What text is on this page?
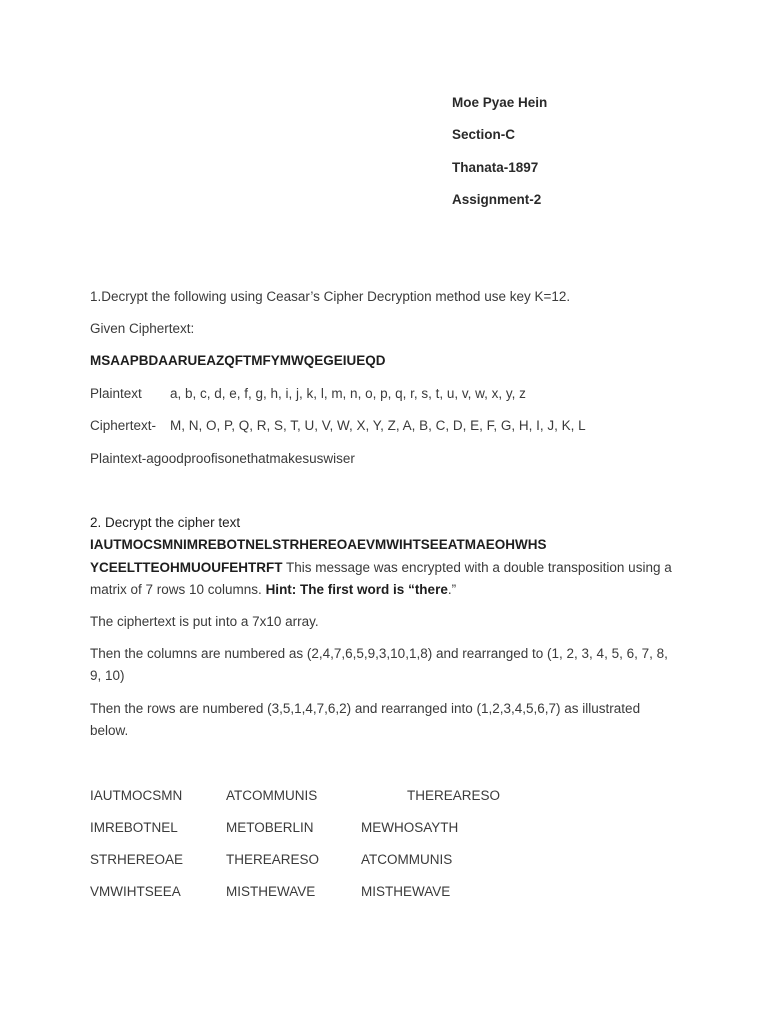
Moe Pyae Hein
Section-C
Thanata-1897
Assignment-2
1.Decrypt the following using Ceasar’s Cipher Decryption method use key K=12.
Given Ciphertext:
MSAAPBDAARUEAZQFTMFYMWQEGEIUEQD
Plaintext a, b, c, d, e, f, g, h, i, j, k, l, m, n, o, p, q, r, s, t, u, v, w, x, y, z
Ciphertext- M, N, O, P, Q, R, S, T, U, V, W, X, Y, Z, A, B, C, D, E, F, G, H, I, J, K, L
Plaintext-agoodproofisonethatmakesuswiser
2. Decrypt the cipher text
IAUTMOCSMNIMREBOTNELSTRHEREOAEVMWIHTSEEATMAEOHWHS
YCEELTTEOHMUOUFEHTRFT This message was encrypted with a double transposition using a matrix of 7 rows 10 columns. Hint: The first word is “there.”
The ciphertext is put into a 7x10 array.
Then the columns are numbered as (2,4,7,6,5,9,3,10,1,8) and rearranged to (1, 2, 3, 4, 5, 6, 7, 8, 9, 10)
Then the rows are numbered (3,5,1,4,7,6,2) and rearranged into (1,2,3,4,5,6,7) as illustrated below.
IAUTMOCSMN	ATCOMMUNIS	THEREARESO
IMREBOTNEL	METOBERLIN	MEWHOSAYTH
STRHEREOAE	THEREARESO	ATCOMMUNIS
VMWIHTSEEA	MISTHEWAVE	MISTHEWAVE
